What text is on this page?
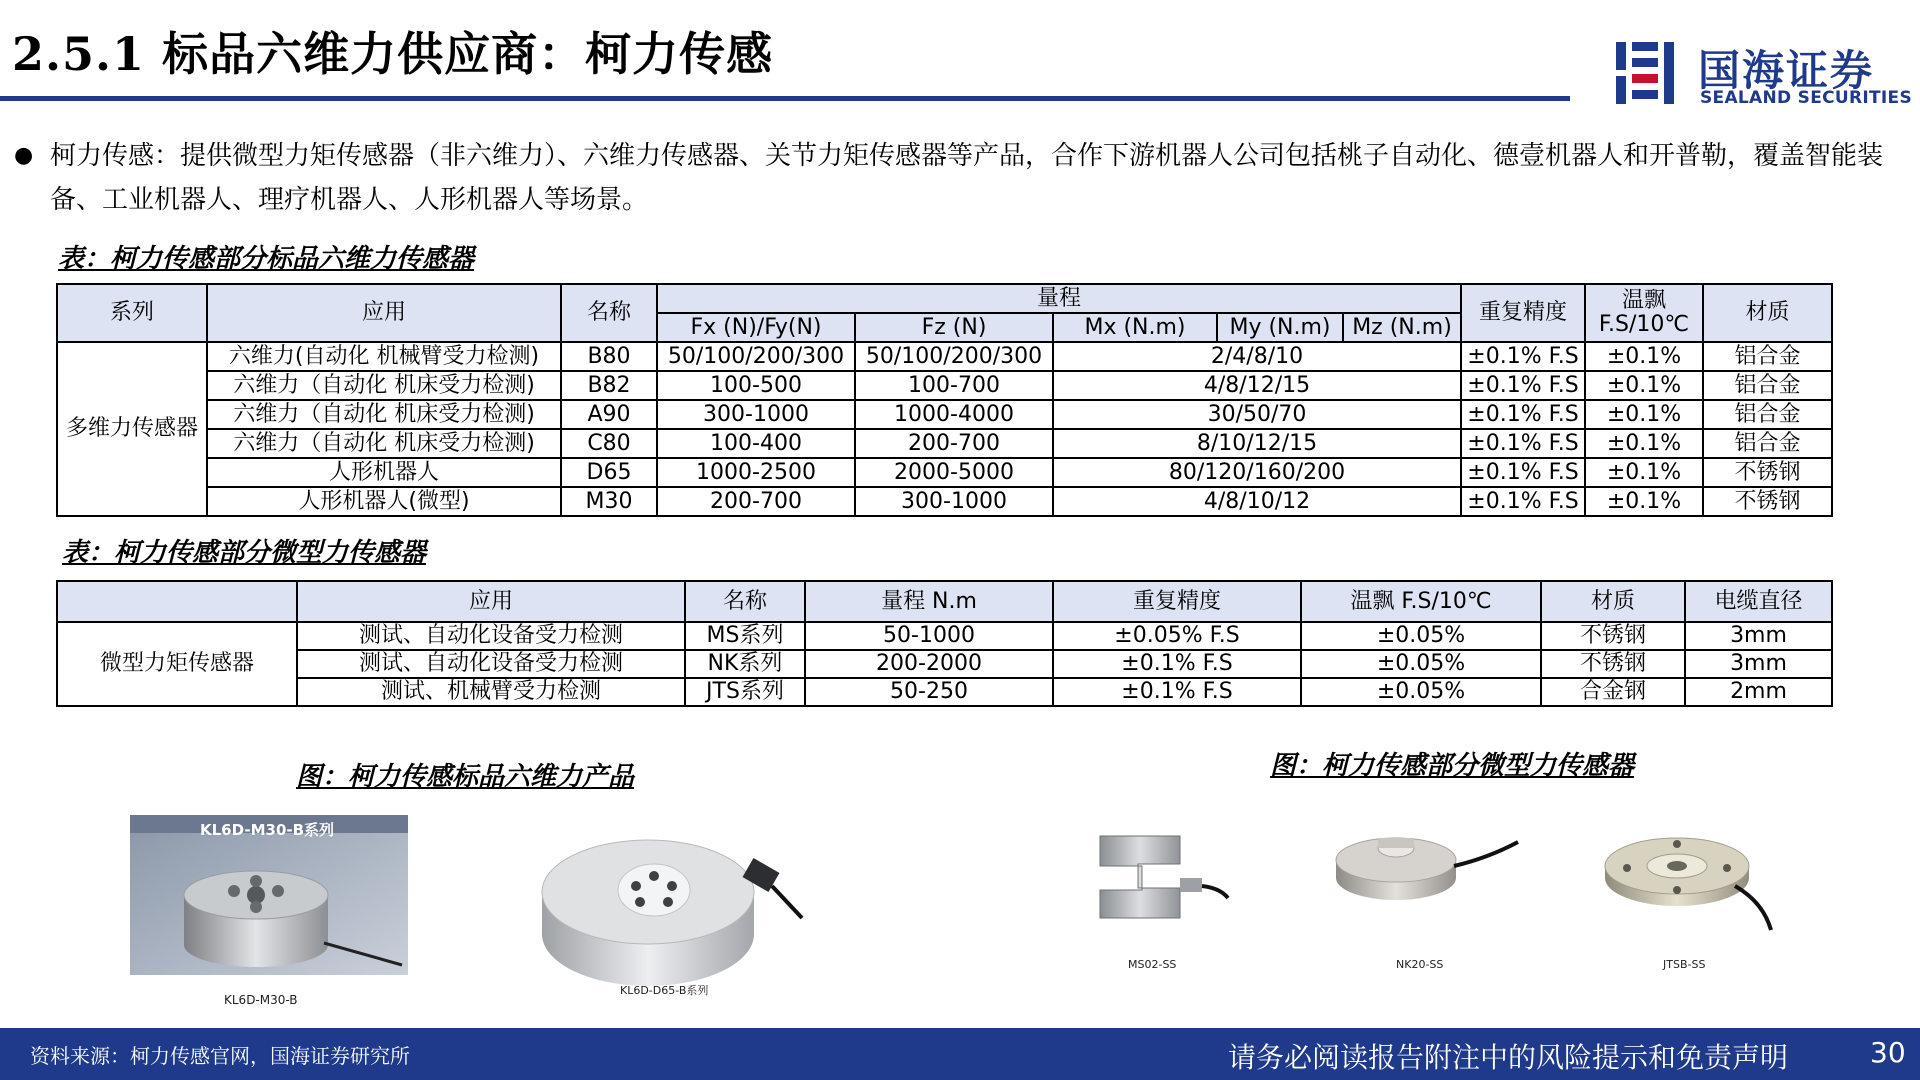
2.5.1 标品六维力供应商：柯力传感	国海证券
SEALAND SECURITIES
● 柯力传感：提供微型力矩传感器（非六维力）、六维力传感器、关节力矩传感器等产品，合作下游机器人公司包括桃子自动化、德壹机器人和开普勒，覆盖智能装备、工业机器人、理疗机器人、人形机器人等场景。
表：柯力传感部分标品六维力传感器
系列	应用	名称	量程					重复精度	温飘 F.S/10℃	材质
			Fx (N)/Fy(N)	Fz (N)	Mx (N.m)	My (N.m)	Mz (N.m)			
多维力传感器	六维力(自动化 机械臂受力检测)	B80	50/100/200/300	50/100/200/300	2/4/8/10			±0.1% F.S	±0.1%	铝合金
	六维力（自动化 机床受力检测)	B82	100-500	100-700	4/8/12/15			±0.1% F.S	±0.1%	铝合金
	六维力（自动化 机床受力检测)	A90	300-1000	1000-4000	30/50/70			±0.1% F.S	±0.1%	铝合金
	六维力（自动化 机床受力检测)	C80	100-400	200-700	8/10/12/15			±0.1% F.S	±0.1%	铝合金
	人形机器人	D65	1000-2500	2000-5000	80/120/160/200			±0.1% F.S	±0.1%	不锈钢
	人形机器人(微型)	M30	200-700	300-1000	4/8/10/12			±0.1% F.S	±0.1%	不锈钢
表：柯力传感部分微型力传感器
	应用	名称	量程 N.m	重复精度	温飘 F.S/10℃	材质	电缆直径
微型力矩传感器	测试、自动化设备受力检测	MS系列	50-1000	±0.05% F.S	±0.05%	不锈钢	3mm
	测试、自动化设备受力检测	NK系列	200-2000	±0.1% F.S	±0.05%	不锈钢	3mm
	测试、机械臂受力检测	JTS系列	50-250	±0.1% F.S	±0.05%	合金钢	2mm
图：柯力传感标品六维力产品	图：柯力传感部分微型力传感器
KL6D-M30-B系列
KL6D-M30-B
KL6D-D65-B系列
MS02-SS	NK20-SS	JTSB-SS
资料来源：柯力传感官网，国海证券研究所	请务必阅读报告附注中的风险提示和免责声明	30
